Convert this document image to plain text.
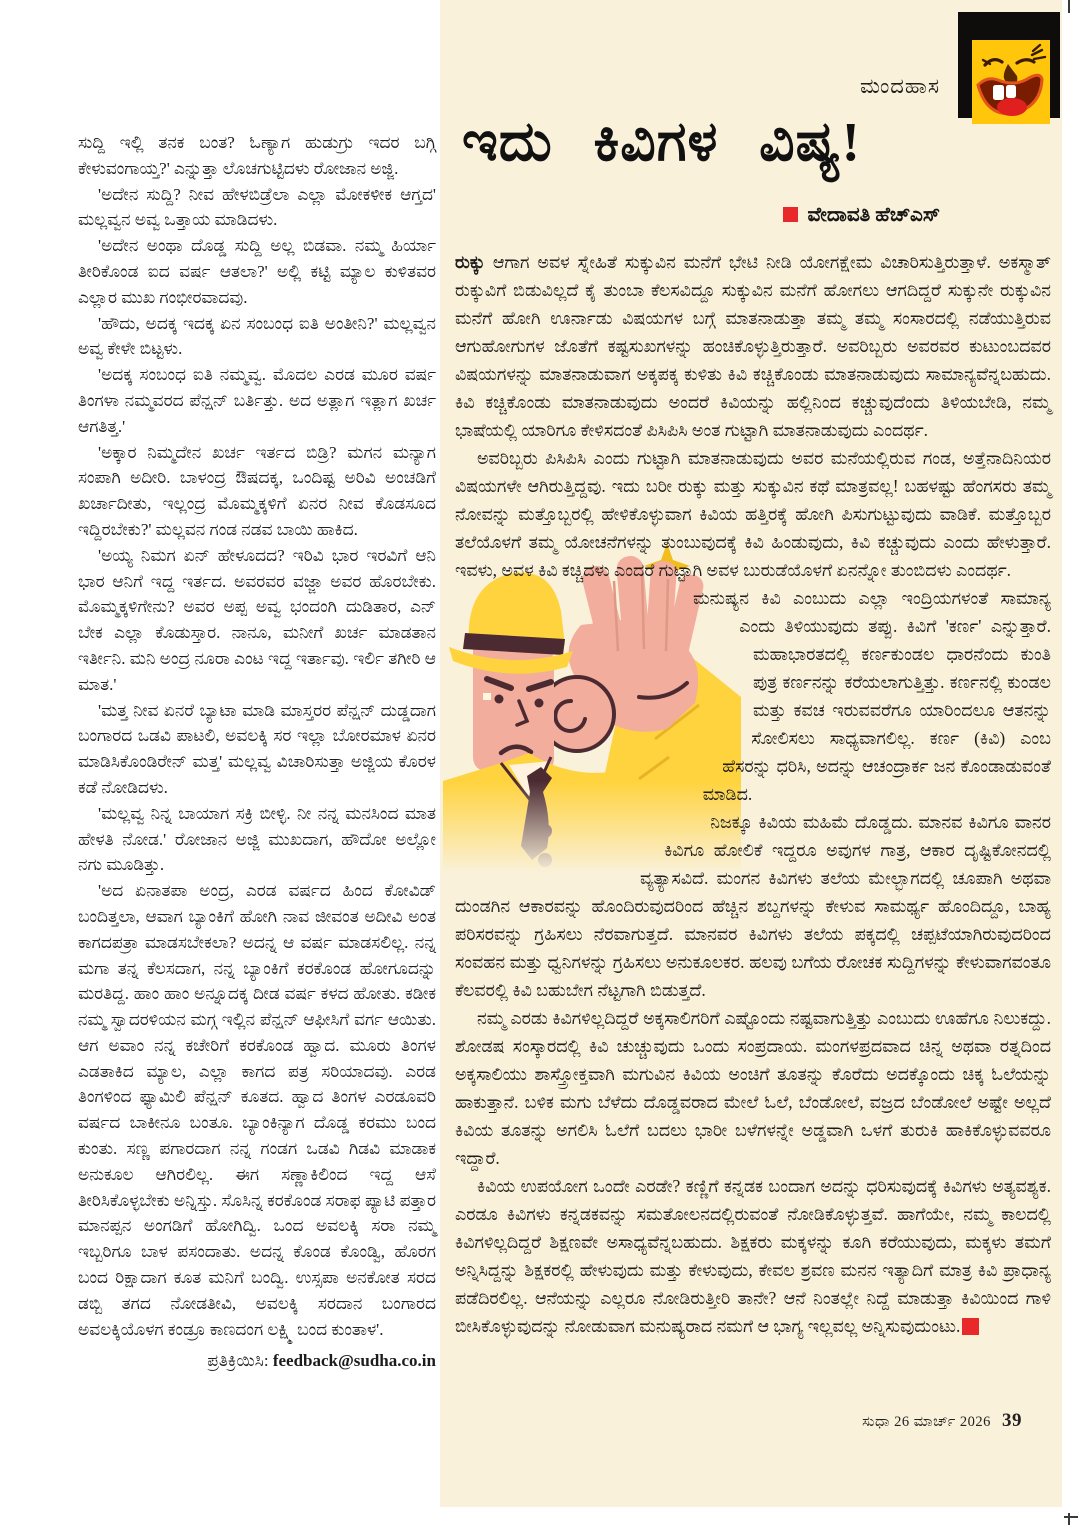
ಸುದ್ದಿ ಇಲ್ಲಿ ತನಕ ಬಂತ? ಓಣ್ಯಾಗ ಹುಡುಗ್ರು ಇದರ ಬಗ್ಗಿ ಕೇಳುವಂಗಾಯ್ತ?' ಎನ್ನುತ್ತಾ ಲೊಚಗುಟ್ಟಿದಳು ರೋಜಾನ ಅಜ್ಜಿ.

'ಅದೇನ ಸುದ್ದಿ? ನೀವ ಹೇಳಬಿಡ್ರೆಲಾ ಎಲ್ಲಾ ಮೋಕಳೀಕ ಆಗ್ತದ' ಮಲ್ಲವ್ವನ ಅವ್ವ ಒತ್ತಾಯ ಮಾಡಿದಳು.

'ಅದೇನ ಅಂಥಾ ದೊಡ್ಡ ಸುದ್ದಿ ಅಲ್ಲ ಬಿಡವಾ. ನಮ್ಮ ಹಿರ್ಯಾ ತೀರಿಕೊಂಡ ಐದ ವರ್ಷ ಆತಲಾ?' ಅಲ್ಲಿ ಕಟ್ಟಿ ಮ್ಯಾಲ ಕುಳಿತವರ ಎಲ್ಲಾರ ಮುಖ ಗಂಭೀರವಾದವು.

'ಹೌದು, ಅದಕ್ಕ ಇದಕ್ಕ ಏನ ಸಂಬಂಧ ಐತಿ ಅಂತೀನಿ?' ಮಲ್ಲವ್ವನ ಅವ್ವ ಕೇಳೇ ಬಿಟ್ಟಳು.

'ಅದಕ್ಕ ಸಂಬಂಧ ಐತಿ ನಮ್ಮವ್ವ. ಮೊದಲ ಎರಡ ಮೂರ ವರ್ಷ ತಿಂಗಳಾ ನಮ್ಮವರದ ಪೆನ್ಷನ್ ಬರ್ತಿತ್ತು. ಅದ ಅತ್ಲಾಗ ಇತ್ಲಾಗ ಖರ್ಚ ಆಗತಿತ್ತ.'

'ಅಕ್ಕಾರ ನಿಮ್ಮದೇನ ಖರ್ಚ ಇರ್ತದ ಬಿಡ್ರಿ? ಮಗನ ಮನ್ಯಾಗ ಸಂಪಾಗಿ ಅದೀರಿ. ಬಾಳಂದ್ರ ಔಷದಕ್ಕ, ಒಂದಿಷ್ಟ ಅರಿವಿ ಅಂಚಡಿಗೆ ಖರ್ಚಾದೀತು, ಇಲ್ಲಂದ್ರ ಮೊಮ್ಮಕ್ಕಳಿಗೆ ಏನರ ನೀವ ಕೊಡಸೂದ ಇದ್ದಿರಬೇಕು?' ಮಲ್ಲವನ ಗಂಡ ನಡವ ಬಾಯಿ ಹಾಕಿದ.

'ಅಯ್ಯ ನಿಮಗ ಏನ್ ಹೇಳೂದದ? ಇರಿವಿ ಭಾರ ಇರವಿಗೆ ಆನಿ ಭಾರ ಆನಿಗೆ ಇದ್ದ ಇರ್ತದ. ಅವರವರ ವಜ್ಜಾ ಅವರ ಹೊರಬೇಕು. ಮೊಮ್ಮಕ್ಕಳಿಗೇನು? ಅವರ ಅಪ್ಪ ಅವ್ವ ಭಂದಂಗಿ ದುಡಿತಾರ, ಎನ್ ಬೇಕ ಎಲ್ಲಾ ಕೊಡುಸ್ತಾರ. ನಾನೂ, ಮನೀಗೆ ಖರ್ಚ ಮಾಡತಾನ ಇರ್ತೀನಿ. ಮನಿ ಅಂದ್ರ ನೂರಾ ಎಂಟ ಇದ್ದ ಇರ್ತಾವು. ಇರ್ಲಿ ತಗೀರಿ ಆ ಮಾತ.'

'ಮತ್ತ ನೀವ ಏನರೆ ಬ್ಯಾಟಾ ಮಾಡಿ ಮಾಸ್ತರರ ಪೆನ್ಷನ್ ದುಡ್ಡದಾಗ ಬಂಗಾರದ ಒಡವಿ ಪಾಟಲಿ, ಅವಲಕ್ಕಿ ಸರ ಇಲ್ಲಾ ಬೋರಮಾಳ ಏನರ ಮಾಡಿಸಿಕೊಂಡಿರೇನ್ ಮತ್ತ' ಮಲ್ಲವ್ವ ವಿಚಾರಿಸುತ್ತಾ ಅಜ್ಜಿಯ ಕೊರಳ ಕಡೆ ನೋಡಿದಳು.

'ಮಲ್ಲವ್ವ ನಿನ್ನ ಬಾಯಾಗ ಸಕ್ರಿ ಬೀಳ್ಳಿ. ನೀ ನನ್ನ ಮನಸಿಂದ ಮಾತ ಹೇಳತಿ ನೋಡ.' ರೋಜಾನ ಅಜ್ಜಿ ಮುಖದಾಗ, ಹೌದೋ ಅಲ್ಲೋ ನಗು ಮೂಡಿತ್ತು.

'ಅದ ಏನಾತಪಾ ಅಂದ್ರ, ಎರಡ ವರ್ಷದ ಹಿಂದ ಕೋವಿಡ್ ಬಂದಿತ್ತಲಾ, ಆವಾಗ ಬ್ಯಾಂಕಿಗೆ ಹೋಗಿ ನಾವ ಜೀವಂತ ಅದೀವಿ ಅಂತ ಕಾಗದಪತ್ರಾ ಮಾಡಸಬೇಕಲಾ? ಅದನ್ನ ಆ ವರ್ಷ ಮಾಡಸಲಿಲ್ಲ. ನನ್ನ ಮಗಾ ತನ್ನ ಕೆಲಸದಾಗ, ನನ್ನ ಬ್ಯಾಂಕಿಗೆ ಕರಕೊಂಡ ಹೋಗೂದನ್ನು ಮರತಿದ್ದ. ಹಾಂ ಹಾಂ ಅನ್ನೂದಕ್ಕ ದೀಡ ವರ್ಷ ಕಳದ ಹೋತು. ಕಡೀಕ ನಮ್ಮ ಸ್ವಾದರಳಿಯನ ಮಗ್ಗ ಇಲ್ಲಿನ ಪೆನ್ಷನ್ ಆಫೀಸಿಗೆ ವರ್ಗ ಆಯಿತು. ಆಗ ಅವಾಂ ನನ್ನ ಕಚೇರಿಗೆ ಕರಕೊಂಡ ಹ್ವಾದ. ಮೂರು ತಿಂಗಳ ಎಡತಾಕಿದ ಮ್ಯಾಲ, ಎಲ್ಲಾ ಕಾಗದ ಪತ್ರ ಸರಿಯಾದವು. ಎರಡ ತಿಂಗಳಿಂದ ಫ್ಯಾಮಿಲಿ ಪೆನ್ಷನ್ ಕೂತದ. ಹ್ವಾದ ತಿಂಗಳ ಎರಡೂವರಿ ವರ್ಷದ ಬಾಕೀನೂ ಬಂತೂ. ಬ್ಯಾಂಕಿನ್ಯಾಗ ದೊಡ್ಡ ಕರಮು ಬಂದ ಕುಂತು. ಸಣ್ಣ ಪಗಾರದಾಗ ನನ್ನ ಗಂಡಗ ಒಡವಿ ಗಿಡವಿ ಮಾಡಾಕ ಅನುಕೂಲ ಆಗಿರಲಿಲ್ಲ. ಈಗ ಸಣ್ಣಾಕಿಲಿಂದ ಇದ್ದ ಆಸೆ ತೀರಿಸಿಕೊಳ್ಳಬೇಕು ಅನ್ನಿಸ್ತು. ಸೊಸಿನ್ನ ಕರಕೊಂಡ ಸರಾಫ ಪ್ಯಾಟಿ ಪತ್ತಾರ ಮಾನಪ್ಪನ ಅಂಗಡಿಗೆ ಹೋಗಿದ್ವಿ. ಒಂದ ಅವಲಕ್ಕಿ ಸರಾ ನಮ್ಮ ಇಬ್ಬರಿಗೂ ಬಾಳ ಪಸಂದಾತು. ಅದನ್ನ ಕೊಂಡ ಕೊಂಡ್ವಿ, ಹೊರಗ ಬಂದ ರಿಕ್ಷಾದಾಗ ಕೂತ ಮನಿಗೆ ಬಂದ್ವಿ. ಉಸ್ಸಪಾ ಅನಕೋತ ಸರದ ಡಬ್ಬಿ ತಗದ ನೋಡತೀವಿ, ಅವಲಕ್ಕಿ ಸರದಾನ ಬಂಗಾರದ ಅವಲಕ್ಕಿಯೊಳಗ ಕಂಡ್ರೂ ಕಾಣದಂಗ ಲಕ್ಷ್ಮಿ ಬಂದ ಕುಂತಾಳ'.

ಪ್ರತಿಕ್ರಿಯಿಸಿ: feedback@sudha.co.in

ಮಂದಹಾಸ
ಇದು ಕಿವಿಗಳ ವಿಷ್ಯ!
ವೇದಾವತಿ ಹೆಚ್‌ಎಸ್

ರುಕ್ಕು ಆಗಾಗ ಅವಳ ಸ್ನೇಹಿತೆ ಸುಕ್ಕುವಿನ ಮನೆಗೆ ಭೇಟಿ ನೀಡಿ ಯೋಗಕ್ಷೇಮ ವಿಚಾರಿಸುತ್ತಿರುತ್ತಾಳೆ. ಅಕಸ್ಮಾತ್ ರುಕ್ಕುವಿಗೆ ಬಿಡುವಿಲ್ಲದೆ ಕೈ ತುಂಬಾ ಕೆಲಸವಿದ್ದೂ ಸುಕ್ಕುವಿನ ಮನೆಗೆ ಹೋಗಲು ಆಗದಿದ್ದರೆ ಸುಕ್ಕುನೇ ರುಕ್ಕುವಿನ ಮನೆಗೆ ಹೋಗಿ ಊರ್ನಾಡು ವಿಷಯಗಳ ಬಗ್ಗೆ ಮಾತನಾಡುತ್ತಾ ತಮ್ಮ ತಮ್ಮ ಸಂಸಾರದಲ್ಲಿ ನಡೆಯುತ್ತಿರುವ ಆಗುಹೋಗುಗಳ ಜೊತೆಗೆ ಕಷ್ಟಸುಖಗಳನ್ನು ಹಂಚಿಕೊಳ್ಳುತ್ತಿರುತ್ತಾರೆ. ಅವರಿಬ್ಬರು ಅವರವರ ಕುಟುಂಬದವರ ವಿಷಯಗಳನ್ನು ಮಾತನಾಡುವಾಗ ಅಕ್ಕಪಕ್ಕ ಕುಳಿತು ಕಿವಿ ಕಚ್ಚಿಕೊಂಡು ಮಾತನಾಡುವುದು ಸಾಮಾನ್ಯವೆನ್ನಬಹುದು. ಕಿವಿ ಕಚ್ಚಿಕೊಂಡು ಮಾತನಾಡುವುದು ಅಂದರೆ ಕಿವಿಯನ್ನು ಹಲ್ಲಿನಿಂದ ಕಚ್ಚುವುದೆಂದು ತಿಳಿಯಬೇಡಿ, ನಮ್ಮ ಭಾಷೆಯಲ್ಲಿ ಯಾರಿಗೂ ಕೇಳಿಸದಂತೆ ಪಿಸಿಪಿಸಿ ಅಂತ ಗುಟ್ಟಾಗಿ ಮಾತನಾಡುವುದು ಎಂದರ್ಥ.

ಅವರಿಬ್ಬರು ಪಿಸಿಪಿಸಿ ಎಂದು ಗುಟ್ಟಾಗಿ ಮಾತನಾಡುವುದು ಅವರ ಮನೆಯಲ್ಲಿರುವ ಗಂಡ, ಅತ್ತೆನಾದಿನಿಯರ ವಿಷಯಗಳೇ ಆಗಿರುತ್ತಿದ್ದವು. ಇದು ಬರೀ ರುಕ್ಕು ಮತ್ತು ಸುಕ್ಕುವಿನ ಕಥೆ ಮಾತ್ರವಲ್ಲ! ಬಹಳಷ್ಟು ಹೆಂಗಸರು ತಮ್ಮ ನೋವನ್ನು ಮತ್ತೊಬ್ಬರಲ್ಲಿ ಹೇಳಿಕೊಳ್ಳುವಾಗ ಕಿವಿಯ ಹತ್ತಿರಕ್ಕೆ ಹೋಗಿ ಪಿಸುಗುಟ್ಟುವುದು ವಾಡಿಕೆ. ಮತ್ತೊಬ್ಬರ ತಲೆಯೊಳಗೆ ತಮ್ಮ ಯೋಚನೆಗಳನ್ನು ತುಂಬುವುದಕ್ಕೆ ಕಿವಿ ಹಿಂಡುವುದು, ಕಿವಿ ಕಚ್ಚುವುದು ಎಂದು ಹೇಳುತ್ತಾರೆ. ಇವಳು, ಅವಳ ಕಿವಿ ಕಚ್ಚಿದಳು ಎಂದರೆ ಗುಟ್ಟಾಗಿ ಅವಳ ಬುರುಡೆಯೊಳಗೆ ಏನನ್ನೋ ತುಂಬಿದಳು ಎಂದರ್ಥ.

ಮನುಷ್ಯನ ಕಿವಿ ಎಂಬುದು ಎಲ್ಲಾ ಇಂದ್ರಿಯಗಳಂತೆ ಸಾಮಾನ್ಯ ಎಂದು ತಿಳಿಯುವುದು ತಪ್ಪು. ಕಿವಿಗೆ 'ಕರ್ಣ' ಎನ್ನುತ್ತಾರೆ. ಮಹಾಭಾರತದಲ್ಲಿ ಕರ್ಣಕುಂಡಲ ಧಾರನೆಂದು ಕುಂತಿ ಪುತ್ರ ಕರ್ಣನನ್ನು ಕರೆಯಲಾಗುತ್ತಿತ್ತು. ಕರ್ಣನಲ್ಲಿ ಕುಂಡಲ ಮತ್ತು ಕವಚ ಇರುವವರೆಗೂ ಯಾರಿಂದಲೂ ಆತನನ್ನು ಸೋಲಿಸಲು ಸಾಧ್ಯವಾಗಲಿಲ್ಲ. ಕರ್ಣ (ಕಿವಿ) ಎಂಬ ಹೆಸರನ್ನು ಧರಿಸಿ, ಅದನ್ನು ಆಚಂದ್ರಾರ್ಕ ಜನ ಕೊಂಡಾಡುವಂತೆ ಮಾಡಿದ.

ನಿಜಕ್ಕೂ ಕಿವಿಯ ಮಹಿಮೆ ದೊಡ್ಡದು. ಮಾನವ ಕಿವಿಗೂ ವಾನರ ಕಿವಿಗೂ ಹೋಲಿಕೆ ಇದ್ದರೂ ಅವುಗಳ ಗಾತ್ರ, ಆಕಾರ ದೃಷ್ಟಿಕೋನದಲ್ಲಿ ವ್ಯತ್ಯಾಸವಿದೆ. ಮಂಗನ ಕಿವಿಗಳು ತಲೆಯ ಮೇಲ್ಭಾಗದಲ್ಲಿ ಚೂಪಾಗಿ ಅಥವಾ ದುಂಡಗಿನ ಆಕಾರವನ್ನು ಹೊಂದಿರುವುದರಿಂದ ಹೆಚ್ಚಿನ ಶಬ್ದಗಳನ್ನು ಕೇಳುವ ಸಾಮರ್ಥ್ಯ ಹೊಂದಿದ್ದೂ, ಬಾಹ್ಯ ಪರಿಸರವನ್ನು ಗ್ರಹಿಸಲು ನೆರವಾಗುತ್ತದೆ. ಮಾನವರ ಕಿವಿಗಳು ತಲೆಯ ಪಕ್ಕದಲ್ಲಿ ಚಪ್ಪಟೆಯಾಗಿರುವುದರಿಂದ ಸಂವಹನ ಮತ್ತು ಧ್ವನಿಗಳನ್ನು ಗ್ರಹಿಸಲು ಅನುಕೂಲಕರ. ಹಲವು ಬಗೆಯ ರೋಚಕ ಸುದ್ದಿಗಳನ್ನು ಕೇಳುವಾಗವಂತೂ ಕೆಲವರಲ್ಲಿ ಕಿವಿ ಬಹುಬೇಗ ನೆಟ್ಟಗಾಗಿ ಬಿಡುತ್ತದೆ.

ನಮ್ಮ ಎರಡು ಕಿವಿಗಳಿಲ್ಲದಿದ್ದರೆ ಅಕ್ಕಸಾಲಿಗರಿಗೆ ಎಷ್ಟೊಂದು ನಷ್ಟವಾಗುತ್ತಿತ್ತು ಎಂಬುದು ಊಹೆಗೂ ನಿಲುಕದ್ದು. ಶೋಡಷ ಸಂಸ್ಕಾರದಲ್ಲಿ ಕಿವಿ ಚುಚ್ಚುವುದು ಒಂದು ಸಂಪ್ರದಾಯ. ಮಂಗಳಪ್ರದವಾದ ಚಿನ್ನ ಅಥವಾ ರತ್ನದಿಂದ ಅಕ್ಕಸಾಲಿಯು ಶಾಸ್ತ್ರೋಕ್ತವಾಗಿ ಮಗುವಿನ ಕಿವಿಯ ಅಂಚಿಗೆ ತೂತನ್ನು ಕೊರೆದು ಅದಕ್ಕೊಂದು ಚಿಕ್ಕ ಓಲೆಯನ್ನು ಹಾಕುತ್ತಾನೆ. ಬಳಿಕ ಮಗು ಬೆಳೆದು ದೊಡ್ಡವರಾದ ಮೇಲೆ ಓಲೆ, ಬೆಂಡೋಲೆ, ವಜ್ರದ ಬೆಂಡೋಲೆ ಅಷ್ಟೇ ಅಲ್ಲದೆ ಕಿವಿಯ ತೂತನ್ನು ಅಗಲಿಸಿ ಓಲೆಗೆ ಬದಲು ಭಾರೀ ಬಳೆಗಳನ್ನೇ ಅಡ್ಡವಾಗಿ ಒಳಗೆ ತುರುಕಿ ಹಾಕಿಕೊಳ್ಳುವವರೂ ಇದ್ದಾರೆ.

ಕಿವಿಯ ಉಪಯೋಗ ಒಂದೇ ಎರಡೇ? ಕಣ್ಣಿಗೆ ಕನ್ನಡಕ ಬಂದಾಗ ಅದನ್ನು ಧರಿಸುವುದಕ್ಕೆ ಕಿವಿಗಳು ಅತ್ಯವಶ್ಯಕ. ಎರಡೂ ಕಿವಿಗಳು ಕನ್ನಡಕವನ್ನು ಸಮತೋಲನದಲ್ಲಿರುವಂತೆ ನೋಡಿಕೊಳ್ಳುತ್ತವೆ. ಹಾಗೆಯೇ, ನಮ್ಮ ಕಾಲದಲ್ಲಿ ಕಿವಿಗಳಿಲ್ಲದಿದ್ದರೆ ಶಿಕ್ಷಣವೇ ಅಸಾಧ್ಯವೆನ್ನಬಹುದು. ಶಿಕ್ಷಕರು ಮಕ್ಕಳನ್ನು ಕೂಗಿ ಕರೆಯುವುದು, ಮಕ್ಕಳು ತಮಗೆ ಅನ್ನಿಸಿದ್ದನ್ನು ಶಿಕ್ಷಕರಲ್ಲಿ ಹೇಳುವುದು ಮತ್ತು ಕೇಳುವುದು, ಕೇವಲ ಶ್ರವಣ ಮನನ ಇತ್ಯಾದಿಗೆ ಮಾತ್ರ ಕಿವಿ ಪ್ರಾಧಾನ್ಯ ಪಡೆದಿರಲಿಲ್ಲ. ಆನೆಯನ್ನು ಎಲ್ಲರೂ ನೋಡಿರುತ್ತೀರಿ ತಾನೇ? ಆನೆ ನಿಂತಲ್ಲೇ ನಿದ್ದೆ ಮಾಡುತ್ತಾ ಕಿವಿಯಿಂದ ಗಾಳಿ ಬೀಸಿಕೊಳ್ಳುವುದನ್ನು ನೋಡುವಾಗ ಮನುಷ್ಯರಾದ ನಮಗೆ ಆ ಭಾಗ್ಯ ಇಲ್ಲವಲ್ಲ ಅನ್ನಿಸುವುದುಂಟು.

ಸುಧಾ 26 ಮಾರ್ಚ್ 2026 39
